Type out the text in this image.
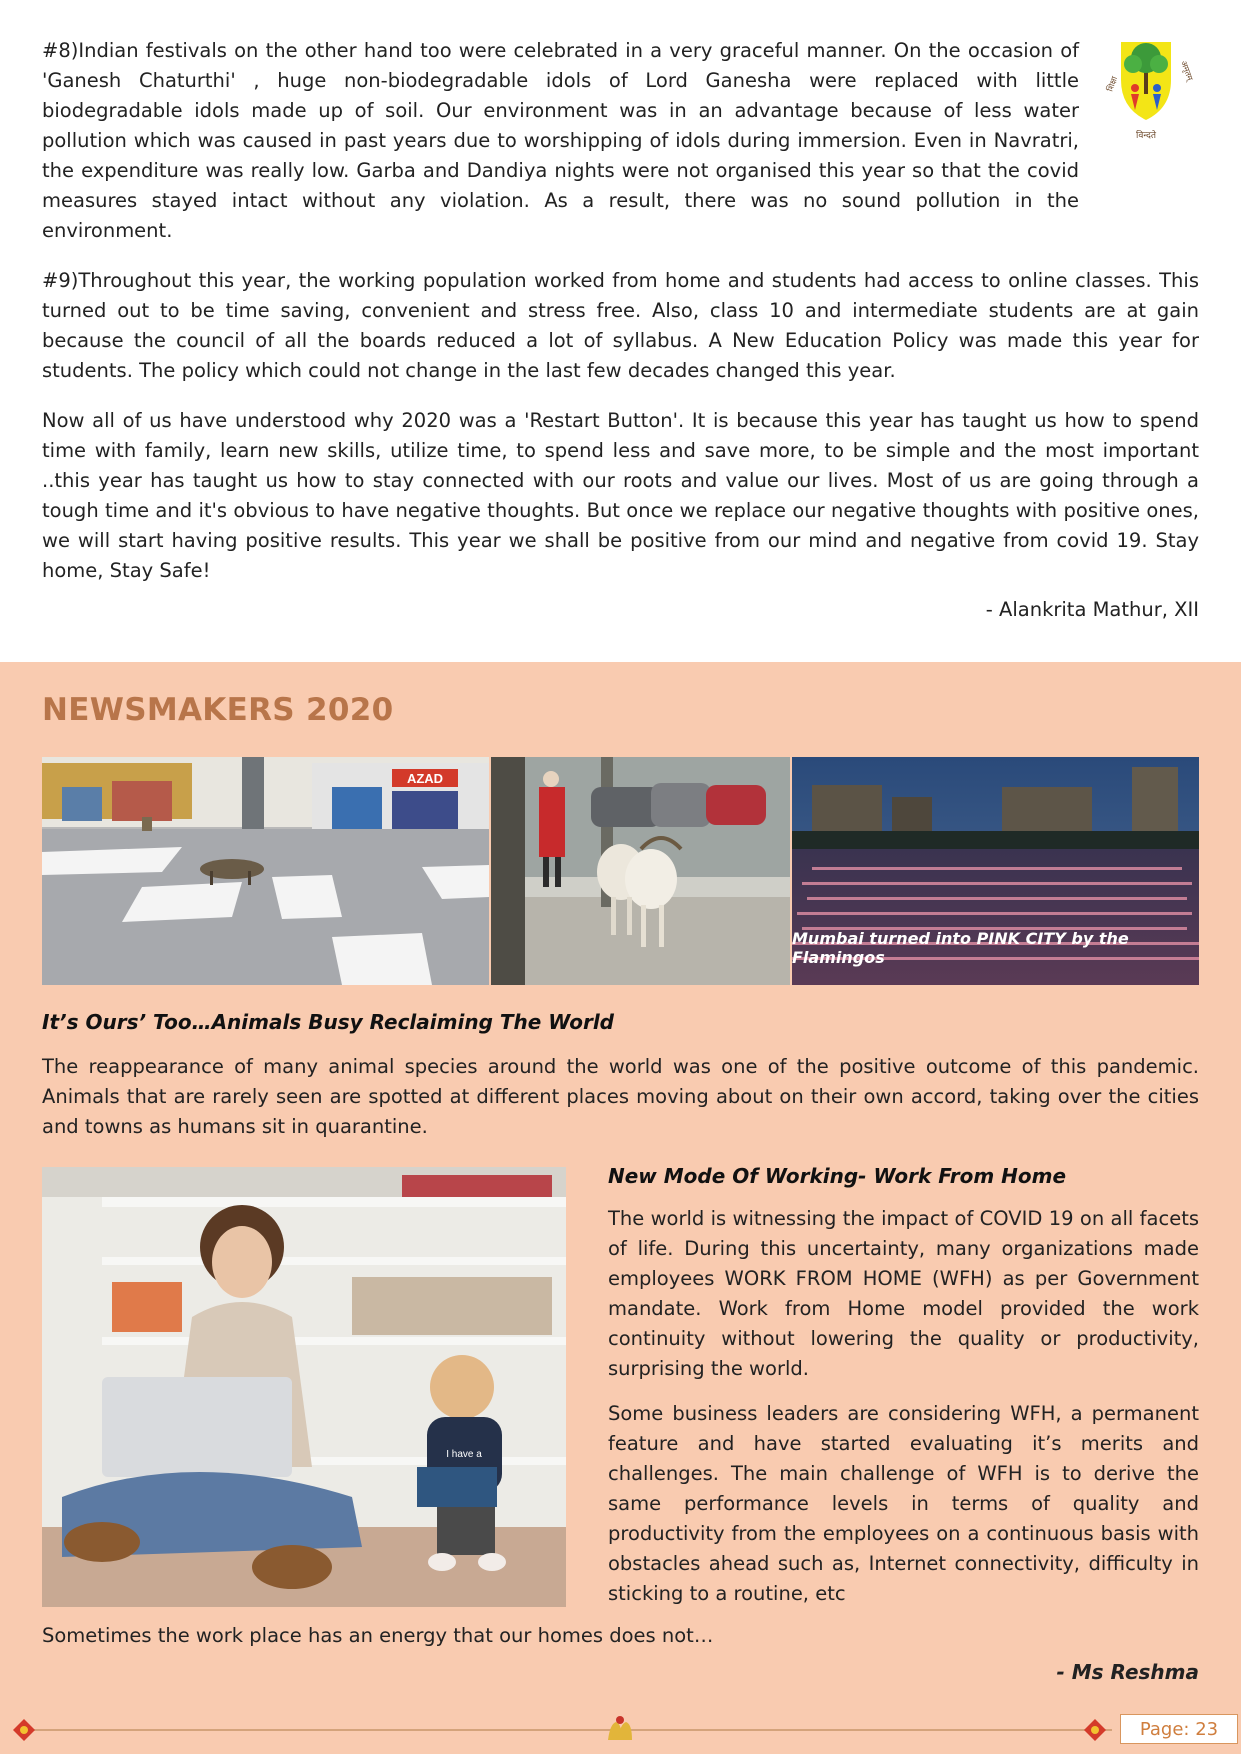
#8)Indian festivals on the other hand too were celebrated in a very graceful manner. On the occasion of 'Ganesh Chaturthi' , huge non-biodegradable idols of Lord Ganesha were replaced with little biodegradable idols made up of soil. Our environment was in an advantage because of less water pollution which was caused in past years due to worshipping of idols during immersion. Even in Navratri, the expenditure was really low. Garba and Dandiya nights were not organised this year so that the covid measures stayed intact without any violation. As a result, there was no sound pollution in the environment.

#9)Throughout this year, the working population worked from home and students had access to online classes. This turned out to be time saving, convenient and stress free. Also, class 10 and intermediate students are at gain because the council of all the boards reduced a lot of syllabus. A New Education Policy was made this year for students. The policy which could not change in the last few decades changed this year.

Now all of us have understood why 2020 was a 'Restart Button'. It is because this year has taught us how to spend time with family, learn new skills, utilize time, to spend less and save more, to be simple and the most important ..this year has taught us how to stay connected with our roots and value our lives. Most of us are going through a tough time and it's obvious to have negative thoughts. But once we replace our negative thoughts with positive ones, we will start having positive results. This year we shall be positive from our mind and negative from covid 19. Stay home, Stay Safe!

- Alankrita Mathur, XII
शिक्षा
अमृतम्
विन्दते
NEWSMAKERS 2020
AZAD
Mumbai turned into PINK CITY by the Flamingos

It’s Ours’ Too…Animals Busy Reclaiming The World

The reappearance of many animal species around the world was one of the positive outcome of this pandemic. Animals that are rarely seen are spotted at different places moving about on their own accord, taking over the cities and towns as humans sit in quarantine.

I have a

New Mode Of Working- Work From Home

The world is witnessing the impact of COVID 19 on all facets of life. During this uncertainty, many organizations made employees WORK FROM HOME (WFH) as per Government mandate. Work from Home model provided the work continuity without lowering the quality or productivity, surprising the world.

Some business leaders are considering WFH, a permanent feature and have started evaluating it’s merits and challenges. The main challenge of WFH is to derive the same performance levels in terms of quality and productivity from the employees on a continuous basis with obstacles ahead such as, Internet connectivity, difficulty in sticking to a routine, etc

Sometimes the work place has an energy that our homes does not…

- Ms Reshma
Page: 23
